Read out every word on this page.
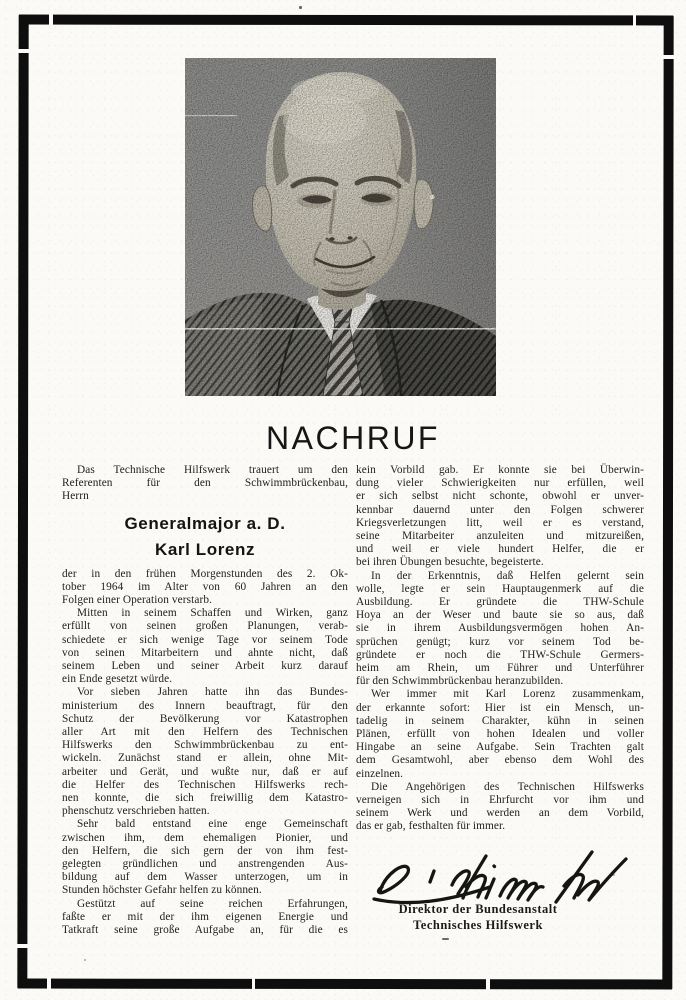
NACHRUF
Das Technische Hilfswerk trauert um den
Referenten für den Schwimmbrückenbau,
Herrn
Generalmajor a. D.
Karl Lorenz
der in den frühen Morgenstunden des 2. Ok-
tober 1964 im Alter von 60 Jahren an den
Folgen einer Operation verstarb.
Mitten in seinem Schaffen und Wirken, ganz
erfüllt von seinen großen Planungen, verab-
schiedete er sich wenige Tage vor seinem Tode
von seinen Mitarbeitern und ahnte nicht, daß
seinem Leben und seiner Arbeit kurz darauf
ein Ende gesetzt würde.
Vor sieben Jahren hatte ihn das Bundes-
ministerium des Innern beauftragt, für den
Schutz der Bevölkerung vor Katastrophen
aller Art mit den Helfern des Technischen
Hilfswerks den Schwimmbrückenbau zu ent-
wickeln. Zunächst stand er allein, ohne Mit-
arbeiter und Gerät, und wußte nur, daß er auf
die Helfer des Technischen Hilfswerks rech-
nen konnte, die sich freiwillig dem Katastro-
phenschutz verschrieben hatten.
Sehr bald entstand eine enge Gemeinschaft
zwischen ihm, dem ehemaligen Pionier, und
den Helfern, die sich gern der von ihm fest-
gelegten gründlichen und anstrengenden Aus-
bildung auf dem Wasser unterzogen, um in
Stunden höchster Gefahr helfen zu können.
Gestützt auf seine reichen Erfahrungen,
faßte er mit der ihm eigenen Energie und
Tatkraft seine große Aufgabe an, für die es
kein Vorbild gab. Er konnte sie bei Überwin-
dung vieler Schwierigkeiten nur erfüllen, weil
er sich selbst nicht schonte, obwohl er unver-
kennbar dauernd unter den Folgen schwerer
Kriegsverletzungen litt, weil er es verstand,
seine Mitarbeiter anzuleiten und mitzureißen,
und weil er viele hundert Helfer, die er
bei ihren Übungen besuchte, begeisterte.
In der Erkenntnis, daß Helfen gelernt sein
wolle, legte er sein Hauptaugenmerk auf die
Ausbildung. Er gründete die THW-Schule
Hoya an der Weser und baute sie so aus, daß
sie in ihrem Ausbildungsvermögen hohen An-
sprüchen genügt; kurz vor seinem Tod be-
gründete er noch die THW-Schule Germers-
heim am Rhein, um Führer und Unterführer
für den Schwimmbrückenbau heranzubilden.
Wer immer mit Karl Lorenz zusammenkam,
der erkannte sofort: Hier ist ein Mensch, un-
tadelig in seinem Charakter, kühn in seinen
Plänen, erfüllt von hohen Idealen und voller
Hingabe an seine Aufgabe. Sein Trachten galt
dem Gesamtwohl, aber ebenso dem Wohl des
einzelnen.
Die Angehörigen des Technischen Hilfswerks
verneigen sich in Ehrfurcht vor ihm und
seinem Werk und werden an dem Vorbild,
das er gab, festhalten für immer.
Direktor der Bundesanstalt
Technisches Hilfswerk
